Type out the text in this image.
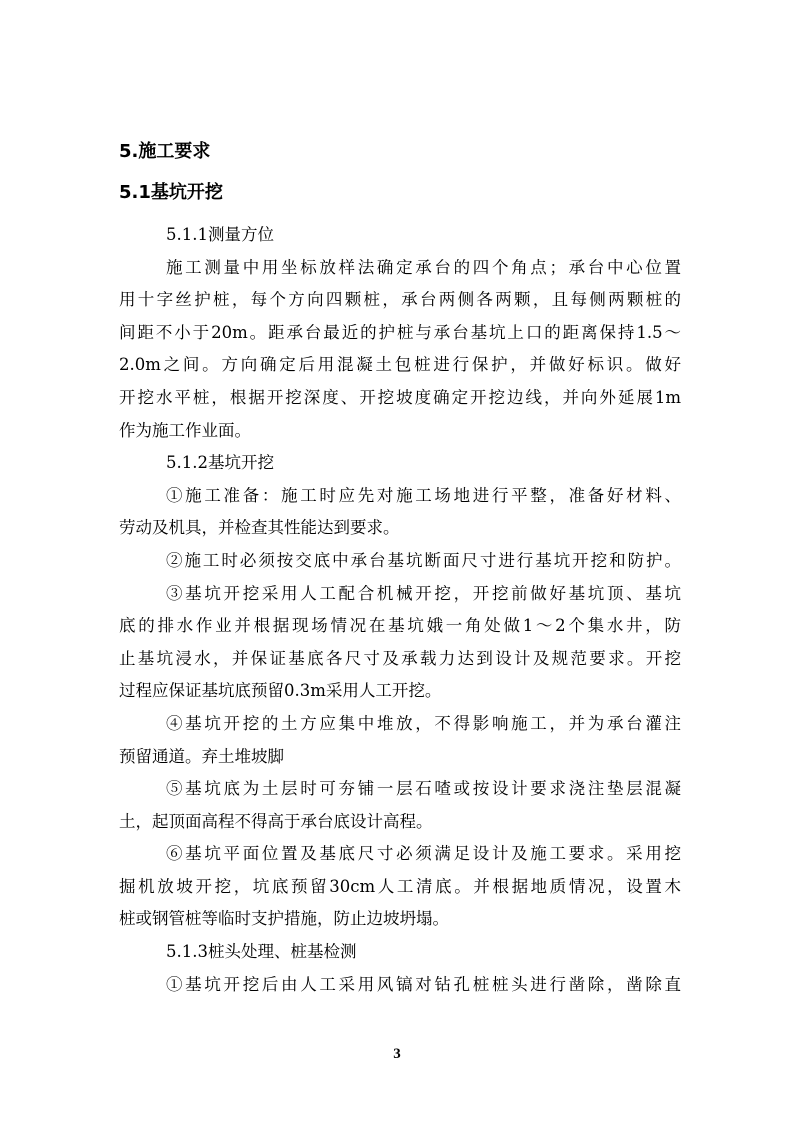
5.施工要求
5.1基坑开挖
5.1.1测量方位
施工测量中用坐标放样法确定承台的四个角点；承台中心位置
用十字丝护桩，每个方向四颗桩，承台两侧各两颗，且每侧两颗桩的
间距不小于20m。距承台最近的护桩与承台基坑上口的距离保持1.5～
2.0m之间。方向确定后用混凝土包桩进行保护，并做好标识。做好
开挖水平桩，根据开挖深度、开挖坡度确定开挖边线，并向外延展1m
作为施工作业面。
5.1.2基坑开挖
①施工准备：施工时应先对施工场地进行平整，准备好材料、
劳动及机具，并检查其性能达到要求。
②施工时必须按交底中承台基坑断面尺寸进行基坑开挖和防护。
③基坑开挖采用人工配合机械开挖，开挖前做好基坑顶、基坑
底的排水作业并根据现场情况在基坑娥一角处做1～2个集水井，防
止基坑浸水，并保证基底各尺寸及承载力达到设计及规范要求。开挖
过程应保证基坑底预留0.3m采用人工开挖。
④基坑开挖的土方应集中堆放，不得影响施工，并为承台灌注
预留通道。弃土堆坡脚
⑤基坑底为土层时可夯铺一层石喳或按设计要求浇注垫层混凝
土，起顶面高程不得高于承台底设计高程。
⑥基坑平面位置及基底尺寸必须满足设计及施工要求。采用挖
掘机放坡开挖，坑底预留30cm人工清底。并根据地质情况，设置木
桩或钢管桩等临时支护措施，防止边坡坍塌。
5.1.3桩头处理、桩基检测
①基坑开挖后由人工采用风镐对钻孔桩桩头进行凿除，凿除直
3
